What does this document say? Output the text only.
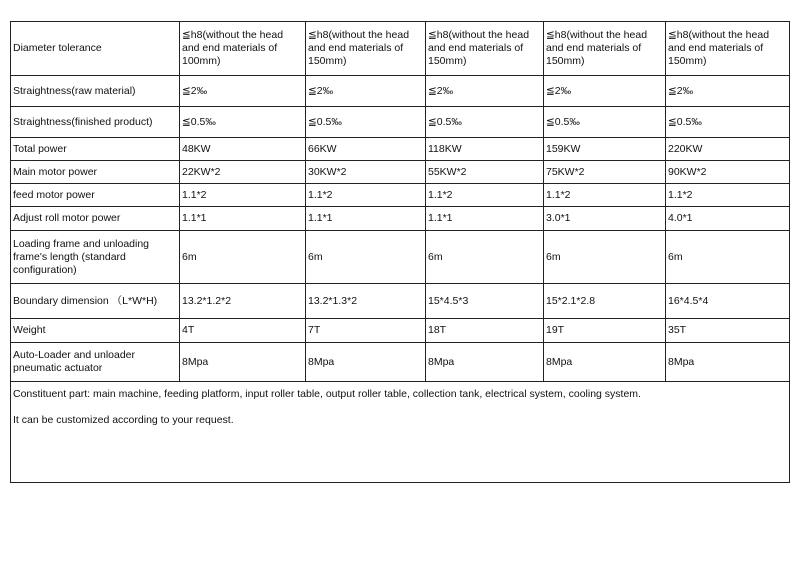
Diameter tolerance	≦h8(without the head and end materials of 100mm)	≦h8(without the head and end materials of 150mm)	≦h8(without the head and end materials of 150mm)	≦h8(without the head and end materials of 150mm)	≦h8(without the head and end materials of 150mm)
Straightness(raw material)	≦2‰	≦2‰	≦2‰	≦2‰	≦2‰
Straightness(finished product)	≦0.5‰	≦0.5‰	≦0.5‰	≦0.5‰	≦0.5‰
Total power	48KW	66KW	118KW	159KW	220KW
Main motor power	22KW*2	30KW*2	55KW*2	75KW*2	90KW*2
feed motor power	1.1*2	1.1*2	1.1*2	1.1*2	1.1*2
Adjust roll motor power	1.1*1	1.1*1	1.1*1	3.0*1	4.0*1
Loading frame and unloading frame's length (standard configuration)	6m	6m	6m	6m	6m
Boundary dimension （L*W*H)	13.2*1.2*2	13.2*1.3*2	15*4.5*3	15*2.1*2.8	16*4.5*4
Weight	4T	7T	18T	19T	35T
Auto-Loader and unloader pneumatic actuator	8Mpa	8Mpa	8Mpa	8Mpa	8Mpa

Constituent part: main machine, feeding platform, input roller table, output roller table, collection tank, electrical system, cooling system.
It can be customized according to your request.					
